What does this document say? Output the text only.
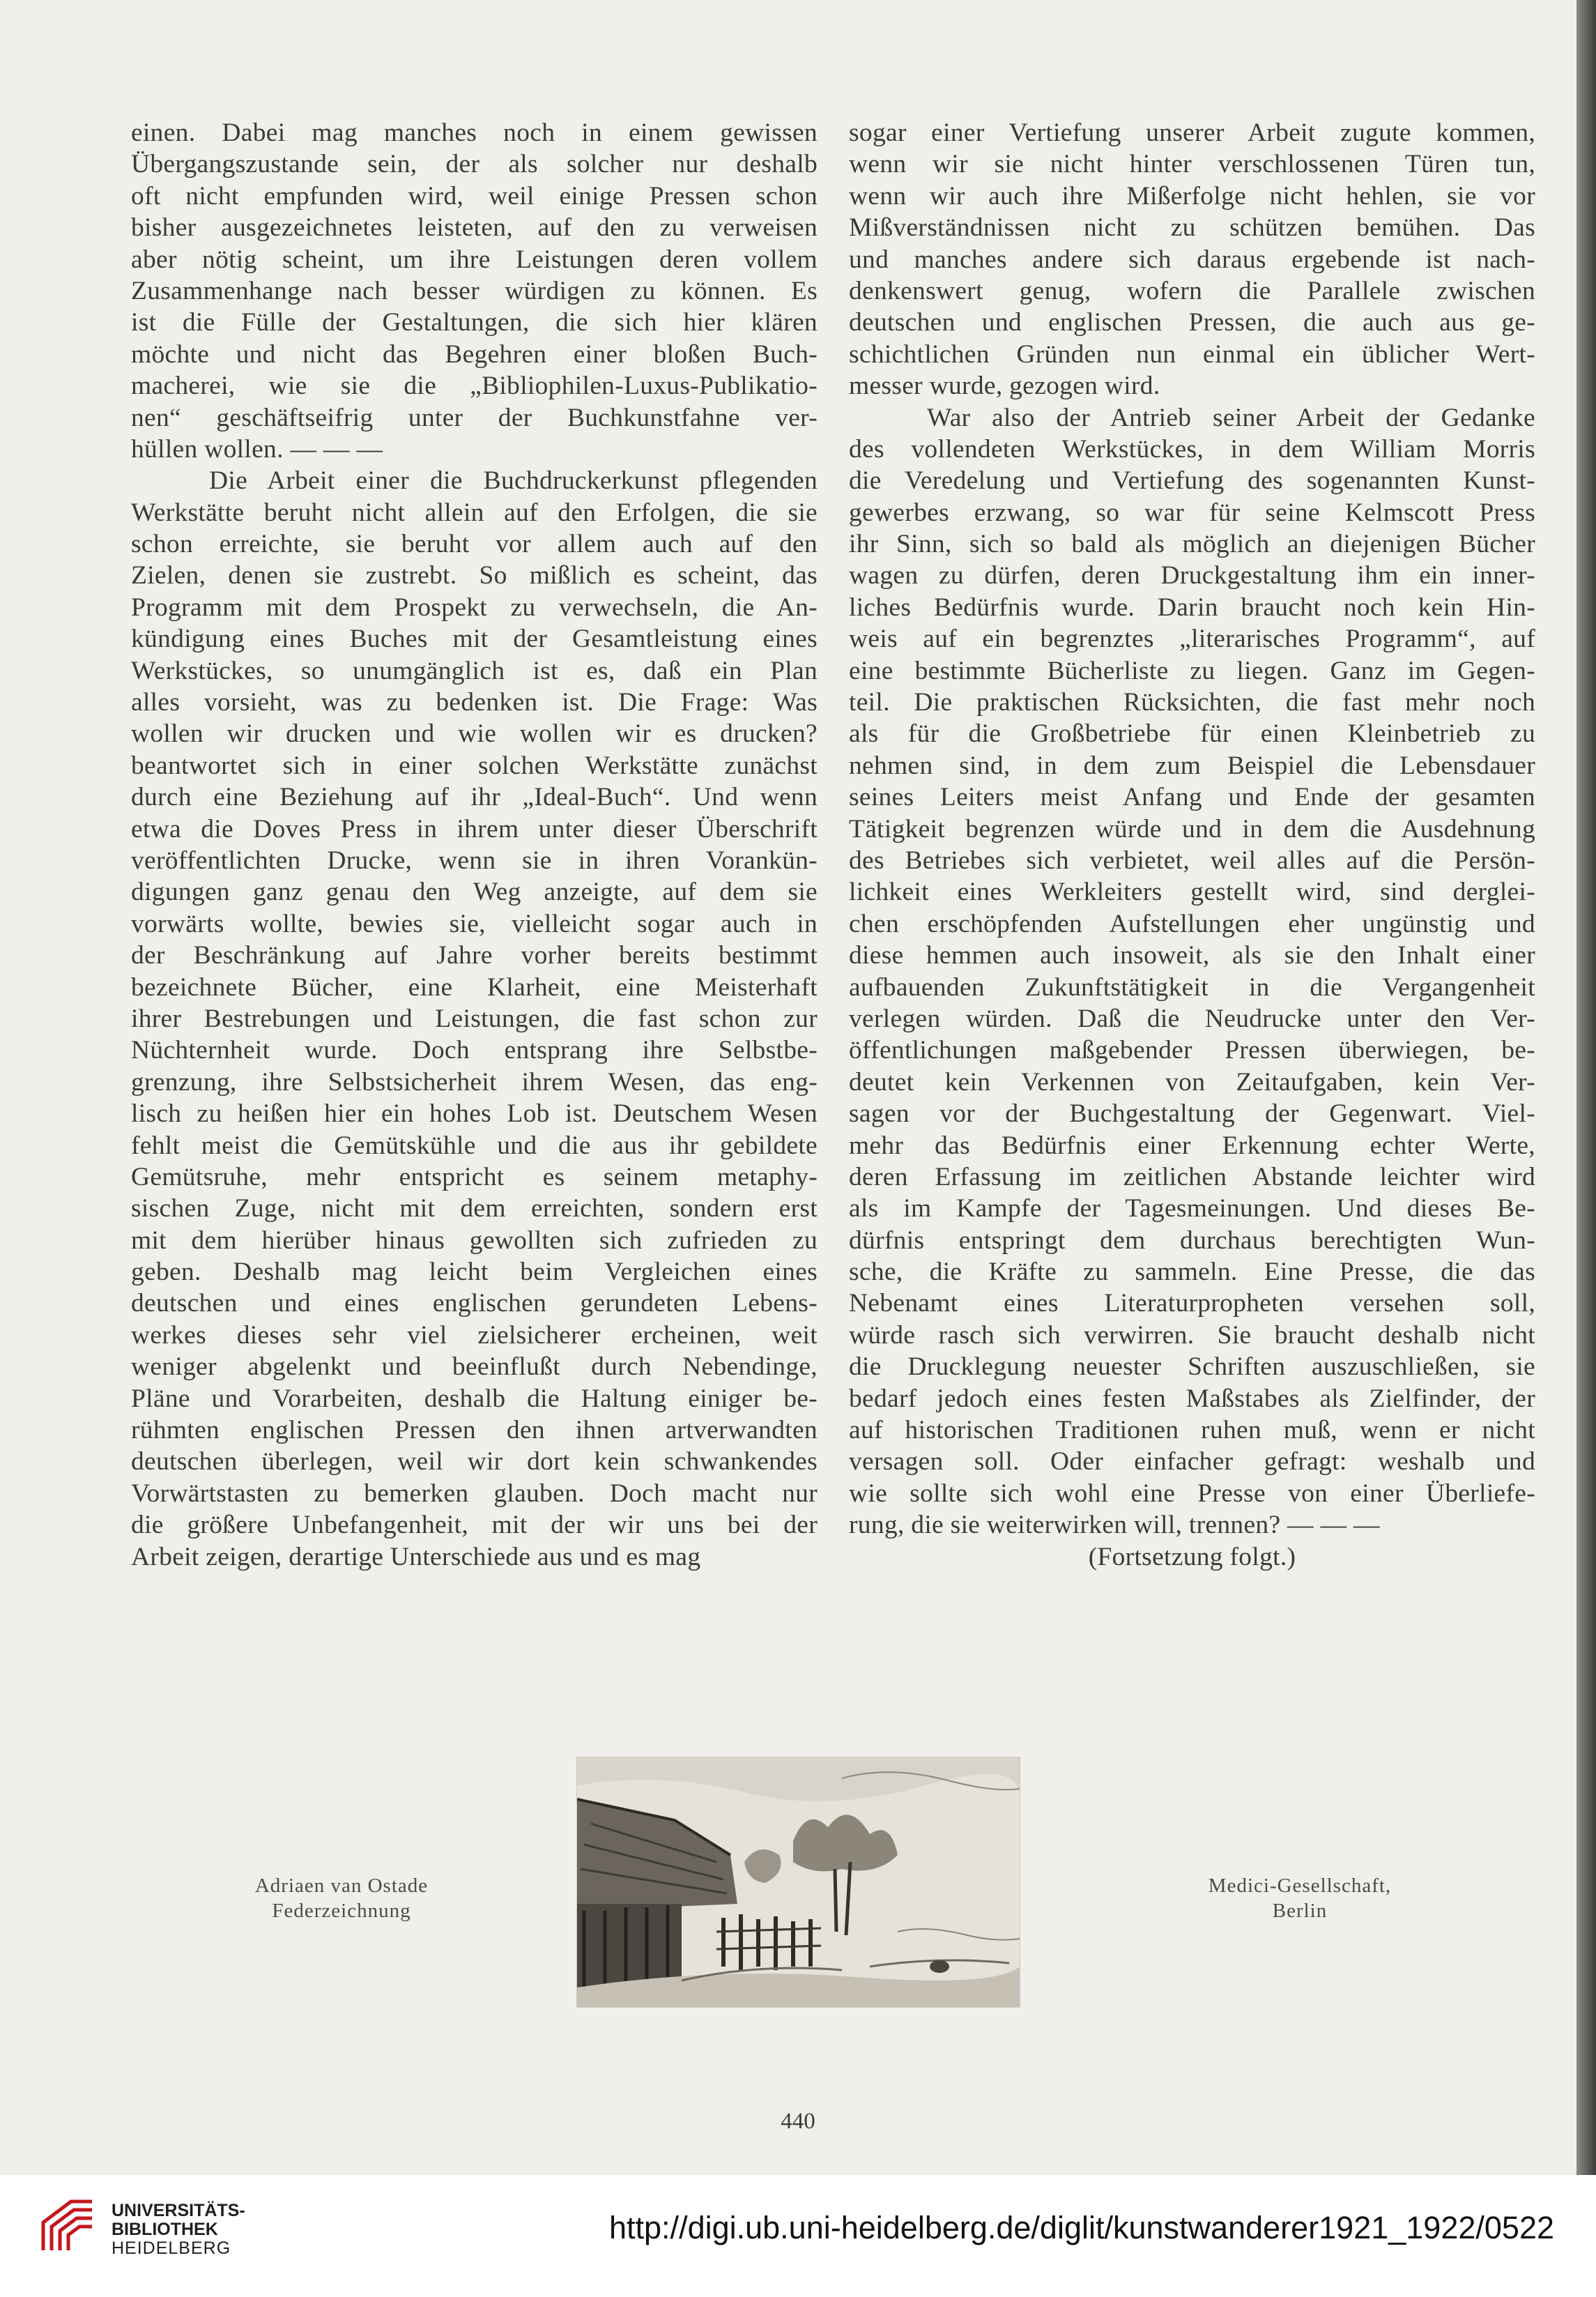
einen. Dabei mag manches noch in einem gewissen
Übergangszustande sein, der als solcher nur deshalb
oft nicht empfunden wird, weil einige Pressen schon
bisher ausgezeichnetes leisteten, auf den zu verweisen
aber nötig scheint, um ihre Leistungen deren vollem
Zusammenhange nach besser würdigen zu können. Es
ist die Fülle der Gestaltungen, die sich hier klären
möchte und nicht das Begehren einer bloßen Buch-
macherei, wie sie die „Bibliophilen-Luxus-Publikatio-
nen“ geschäftseifrig unter der Buchkunstfahne ver-
hüllen wollen. — — —
Die Arbeit einer die Buchdruckerkunst pflegenden
Werkstätte beruht nicht allein auf den Erfolgen, die sie
schon erreichte, sie beruht vor allem auch auf den
Zielen, denen sie zustrebt. So mißlich es scheint, das
Programm mit dem Prospekt zu verwechseln, die An-
kündigung eines Buches mit der Gesamtleistung eines
Werkstückes, so unumgänglich ist es, daß ein Plan
alles vorsieht, was zu bedenken ist. Die Frage: Was
wollen wir drucken und wie wollen wir es drucken?
beantwortet sich in einer solchen Werkstätte zunächst
durch eine Beziehung auf ihr „Ideal-Buch“. Und wenn
etwa die Doves Press in ihrem unter dieser Überschrift
veröffentlichten Drucke, wenn sie in ihren Vorankün-
digungen ganz genau den Weg anzeigte, auf dem sie
vorwärts wollte, bewies sie, vielleicht sogar auch in
der Beschränkung auf Jahre vorher bereits bestimmt
bezeichnete Bücher, eine Klarheit, eine Meisterhaft
ihrer Bestrebungen und Leistungen, die fast schon zur
Nüchternheit wurde. Doch entsprang ihre Selbstbe-
grenzung, ihre Selbstsicherheit ihrem Wesen, das eng-
lisch zu heißen hier ein hohes Lob ist. Deutschem Wesen
fehlt meist die Gemütskühle und die aus ihr gebildete
Gemütsruhe, mehr entspricht es seinem metaphy-
sischen Zuge, nicht mit dem erreichten, sondern erst
mit dem hierüber hinaus gewollten sich zufrieden zu
geben. Deshalb mag leicht beim Vergleichen eines
deutschen und eines englischen gerundeten Lebens-
werkes dieses sehr viel zielsicherer ercheinen, weit
weniger abgelenkt und beeinflußt durch Nebendinge,
Pläne und Vorarbeiten, deshalb die Haltung einiger be-
rühmten englischen Pressen den ihnen artverwandten
deutschen überlegen, weil wir dort kein schwankendes
Vorwärtstasten zu bemerken glauben. Doch macht nur
die größere Unbefangenheit, mit der wir uns bei der
Arbeit zeigen, derartige Unterschiede aus und es mag
sogar einer Vertiefung unserer Arbeit zugute kommen,
wenn wir sie nicht hinter verschlossenen Türen tun,
wenn wir auch ihre Mißerfolge nicht hehlen, sie vor
Mißverständnissen nicht zu schützen bemühen. Das
und manches andere sich daraus ergebende ist nach-
denkenswert genug, wofern die Parallele zwischen
deutschen und englischen Pressen, die auch aus ge-
schichtlichen Gründen nun einmal ein üblicher Wert-
messer wurde, gezogen wird.
War also der Antrieb seiner Arbeit der Gedanke
des vollendeten Werkstückes, in dem William Morris
die Veredelung und Vertiefung des sogenannten Kunst-
gewerbes erzwang, so war für seine Kelmscott Press
ihr Sinn, sich so bald als möglich an diejenigen Bücher
wagen zu dürfen, deren Druckgestaltung ihm ein inner-
liches Bedürfnis wurde. Darin braucht noch kein Hin-
weis auf ein begrenztes „literarisches Programm“, auf
eine bestimmte Bücherliste zu liegen. Ganz im Gegen-
teil. Die praktischen Rücksichten, die fast mehr noch
als für die Großbetriebe für einen Kleinbetrieb zu
nehmen sind, in dem zum Beispiel die Lebensdauer
seines Leiters meist Anfang und Ende der gesamten
Tätigkeit begrenzen würde und in dem die Ausdehnung
des Betriebes sich verbietet, weil alles auf die Persön-
lichkeit eines Werkleiters gestellt wird, sind derglei-
chen erschöpfenden Aufstellungen eher ungünstig und
diese hemmen auch insoweit, als sie den Inhalt einer
aufbauenden Zukunftstätigkeit in die Vergangenheit
verlegen würden. Daß die Neudrucke unter den Ver-
öffentlichungen maßgebender Pressen überwiegen, be-
deutet kein Verkennen von Zeitaufgaben, kein Ver-
sagen vor der Buchgestaltung der Gegenwart. Viel-
mehr das Bedürfnis einer Erkennung echter Werte,
deren Erfassung im zeitlichen Abstande leichter wird
als im Kampfe der Tagesmeinungen. Und dieses Be-
dürfnis entspringt dem durchaus berechtigten Wun-
sche, die Kräfte zu sammeln. Eine Presse, die das
Nebenamt eines Literaturpropheten versehen soll,
würde rasch sich verwirren. Sie braucht deshalb nicht
die Drucklegung neuester Schriften auszuschließen, sie
bedarf jedoch eines festen Maßstabes als Zielfinder, der
auf historischen Traditionen ruhen muß, wenn er nicht
versagen soll. Oder einfacher gefragt: weshalb und
wie sollte sich wohl eine Presse von einer Überliefe-
rung, die sie weiterwirken will, trennen? — — —
(Fortsetzung folgt.)
Adriaen van Ostade
Federzeichnung
Medici-Gesellschaft,
Berlin
440
UNIVERSITÄTS-
BIBLIOTHEK
HEIDELBERG
http://digi.ub.uni-heidelberg.de/diglit/kunstwanderer1921_1922/0522
